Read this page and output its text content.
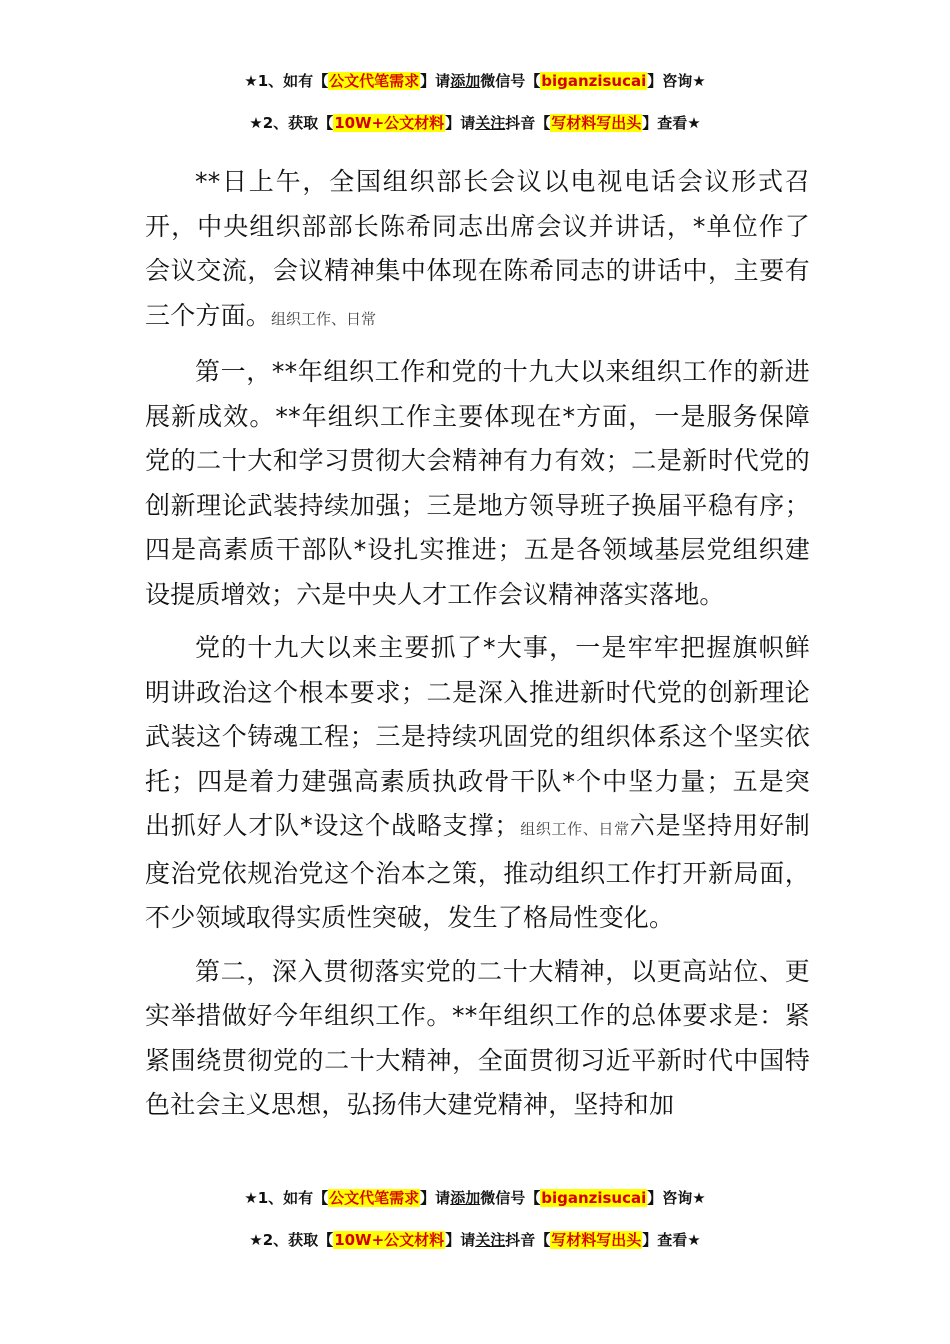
★1、如有【公文代笔需求】请添加微信号【biganzisucai】咨询★
★2、获取【10W+公文材料】请关注抖音【写材料写出头】查看★

**日上午，全国组织部长会议以电视电话会议形式召开，中央组织部部长陈希同志出席会议并讲话，*单位作了会议交流，会议精神集中体现在陈希同志的讲话中，主要有三个方面。组织工作、日常

第一，**年组织工作和党的十九大以来组织工作的新进展新成效。**年组织工作主要体现在*方面，一是服务保障党的二十大和学习贯彻大会精神有力有效；二是新时代党的创新理论武装持续加强；三是地方领导班子换届平稳有序；四是高素质干部队*设扎实推进；五是各领域基层党组织建设提质增效；六是中央人才工作会议精神落实落地。

党的十九大以来主要抓了*大事，一是牢牢把握旗帜鲜明讲政治这个根本要求；二是深入推进新时代党的创新理论武装这个铸魂工程；三是持续巩固党的组织体系这个坚实依托；四是着力建强高素质执政骨干队*个中坚力量；五是突出抓好人才队*设这个战略支撑；组织工作、日常六是坚持用好制度治党依规治党这个治本之策，推动组织工作打开新局面，不少领域取得实质性突破，发生了格局性变化。

第二，深入贯彻落实党的二十大精神，以更高站位、更实举措做好今年组织工作。**年组织工作的总体要求是：紧紧围绕贯彻党的二十大精神，全面贯彻习近平新时代中国特色社会主义思想，弘扬伟大建党精神，坚持和加

★1、如有【公文代笔需求】请添加微信号【biganzisucai】咨询★
★2、获取【10W+公文材料】请关注抖音【写材料写出头】查看★
